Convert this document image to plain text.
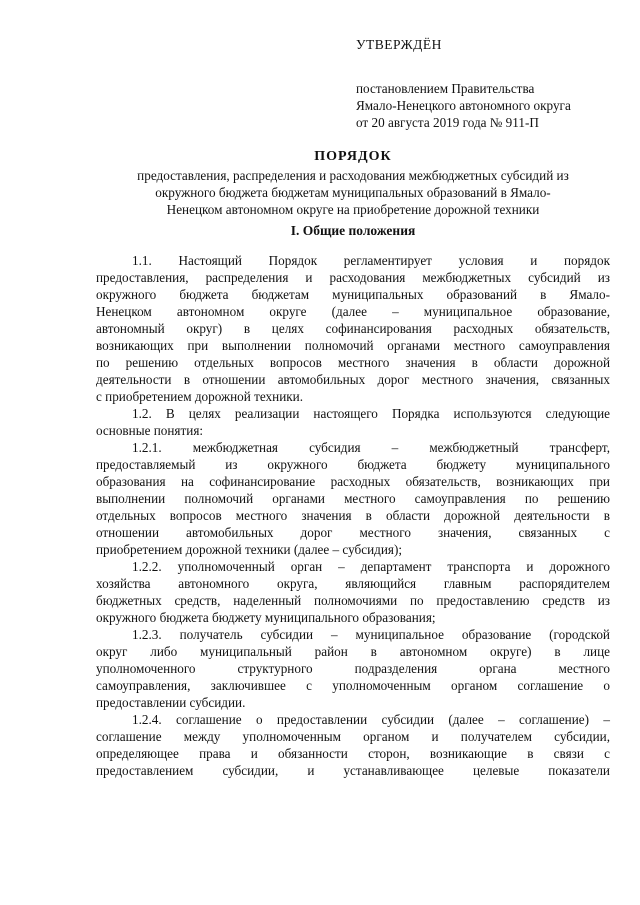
УТВЕРЖДЁН
постановлением Правительства
Ямало-Ненецкого автономного округа
от 20 августа 2019 года № 911-П
ПОРЯДОК
предоставления, распределения и расходования межбюджетных субсидий из
окружного бюджета бюджетам муниципальных образований в Ямало-
Ненецком автономном округе на приобретение дорожной техники
I. Общие положения
1.1. Настоящий Порядок регламентирует условия и порядок
предоставления, распределения и расходования межбюджетных субсидий из
окружного бюджета бюджетам муниципальных образований в Ямало-
Ненецком автономном округе (далее – муниципальное образование,
автономный округ) в целях софинансирования расходных обязательств,
возникающих при выполнении полномочий органами местного самоуправления
по решению отдельных вопросов местного значения в области дорожной
деятельности в отношении автомобильных дорог местного значения, связанных
с приобретением дорожной техники.
1.2. В целях реализации настоящего Порядка используются следующие
основные понятия:
1.2.1. межбюджетная субсидия – межбюджетный трансферт,
предоставляемый из окружного бюджета бюджету муниципального
образования на софинансирование расходных обязательств, возникающих при
выполнении полномочий органами местного самоуправления по решению
отдельных вопросов местного значения в области дорожной деятельности в
отношении автомобильных дорог местного значения, связанных с
приобретением дорожной техники (далее – субсидия);
1.2.2. уполномоченный орган – департамент транспорта и дорожного
хозяйства автономного округа, являющийся главным распорядителем
бюджетных средств, наделенный полномочиями по предоставлению средств из
окружного бюджета бюджету муниципального образования;
1.2.3. получатель субсидии – муниципальное образование (городской
округ либо муниципальный район в автономном округе) в лице
уполномоченного структурного подразделения органа местного
самоуправления, заключившее с уполномоченным органом соглашение о
предоставлении субсидии.
1.2.4. соглашение о предоставлении субсидии (далее – соглашение) –
соглашение между уполномоченным органом и получателем субсидии,
определяющее права и обязанности сторон, возникающие в связи с
предоставлением субсидии, и устанавливающее целевые показатели
